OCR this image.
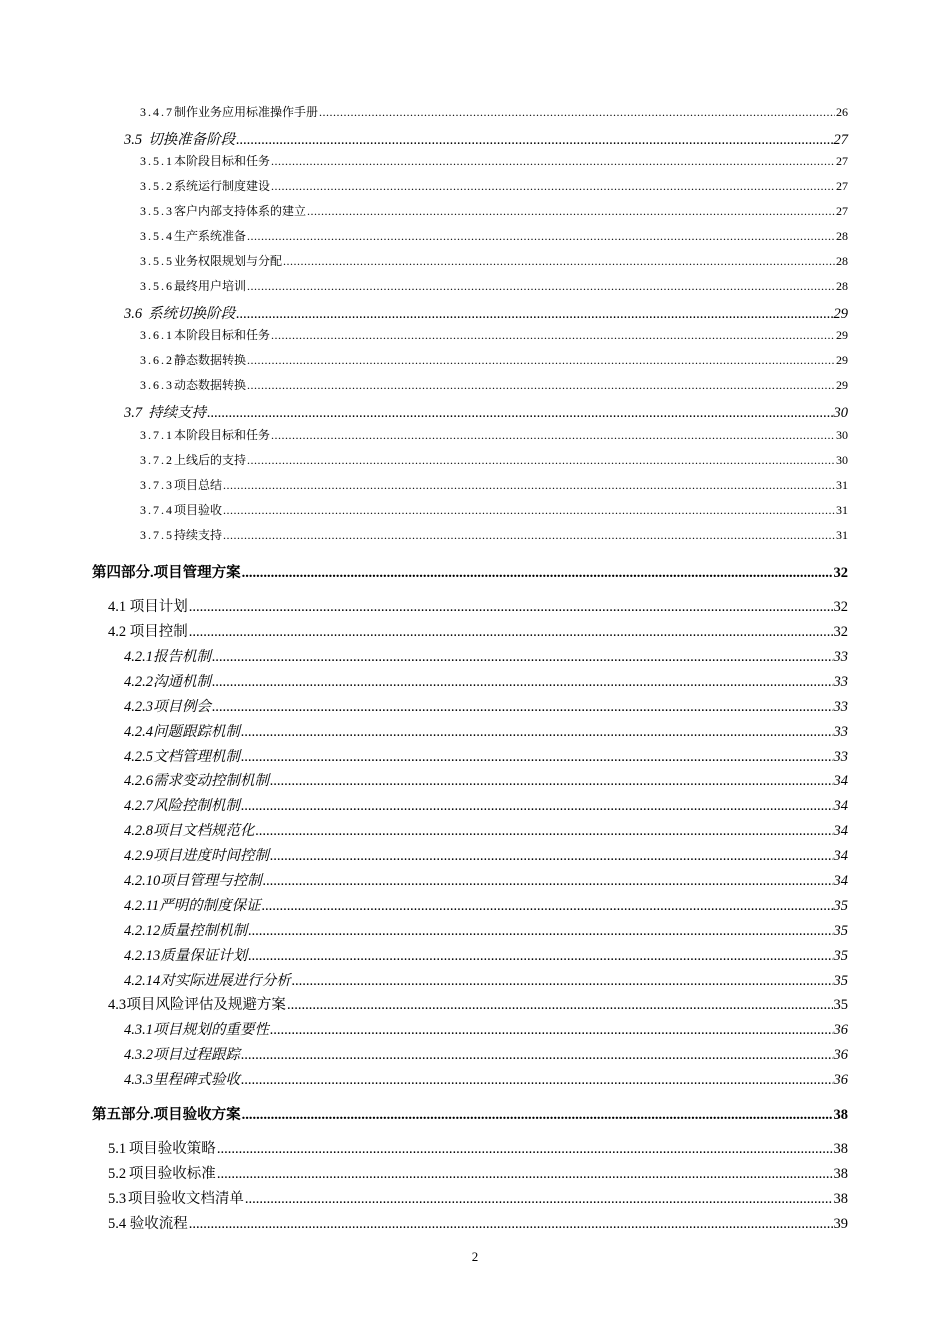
3.4.7 制作业务应用标准操作手册 .....	26
3.5 切换准备阶段 .....	27
3.5.1 本阶段目标和任务 .....	27
3.5.2 系统运行制度建设 .....	27
3.5.3 客户内部支持体系的建立 .....	27
3.5.4 生产系统准备 .....	28
3.5.5 业务权限规划与分配 .....	28
3.5.6 最终用户培训 .....	28
3.6 系统切换阶段 .....	29
3.6.1 本阶段目标和任务 .....	29
3.6.2 静态数据转换 .....	29
3.6.3 动态数据转换 .....	29
3.7 持续支持 .....	30
3.7.1 本阶段目标和任务 .....	30
3.7.2 上线后的支持 .....	30
3.7.3 项目总结 .....	31
3.7.4 项目验收 .....	31
3.7.5 持续支持 .....	31
第四部分. 项目管理方案 .....	32
4.1 项目计划 .....	32
4.2 项目控制 .....	32
4.2.1 报告机制 .....	33
4.2.2 沟通机制 .....	33
4.2.3 项目例会 .....	33
4.2.4 问题跟踪机制 .....	33
4.2.5 文档管理机制 .....	33
4.2.6 需求变动控制机制 .....	34
4.2.7 风险控制机制 .....	34
4.2.8 项目文档规范化 .....	34
4.2.9 项目进度时间控制 .....	34
4.2.10 项目管理与控制 .....	34
4.2.11 严明的制度保证 .....	35
4.2.12 质量控制机制 .....	35
4.2.13 质量保证计划 .....	35
4.2.14 对实际进展进行分析 .....	35
4.3 项目风险评估及规避方案 .....	35
4.3.1 项目规划的重要性 .....	36
4.3.2 项目过程跟踪 .....	36
4.3.3 里程碑式验收 .....	36
第五部分. 项目验收方案 .....	38
5.1 项目验收策略 .....	38
5.2 项目验收标准 .....	38
5.3 项目验收文档清单 .....	38
5.4 验收流程 .....	39
2
